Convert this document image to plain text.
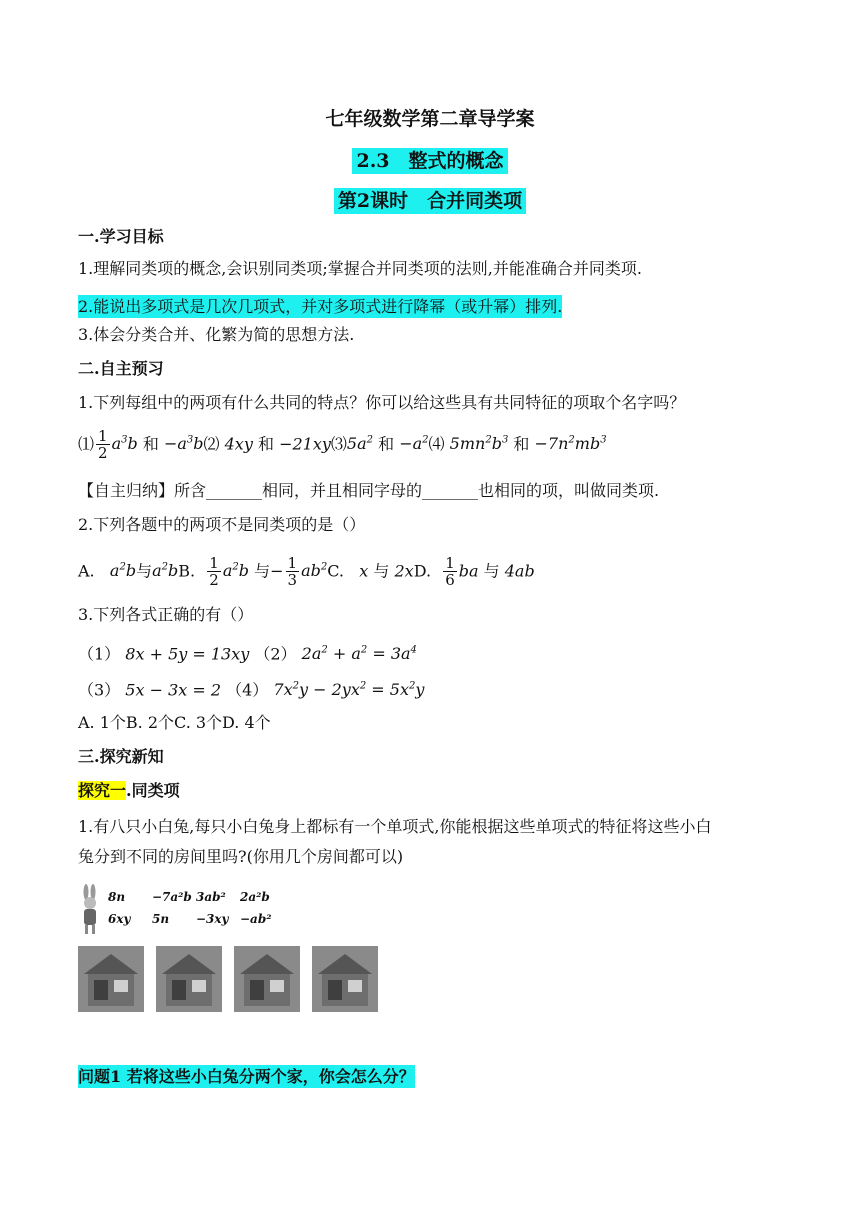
七年级数学第二章导学案
2.3　整式的概念
第2课时　合并同类项
一.学习目标
1.理解同类项的概念,会识别同类项;掌握合并同类项的法则,并能准确合并同类项.
2.能说出多项式是几次几项式，并对多项式进行降幂（或升幂）排列.
3.体会分类合并、化繁为简的思想方法.
二.自主预习
1.下列每组中的两项有什么共同的特点？你可以给这些具有共同特征的项取个名字吗？
⑴ $\frac{1}{2} a^3b$ 和 $-a^3b⑵$ 4xy 和 $-21xy⑶5a^2$ 和 $-a^2⑷$ $5mn^2b^3$ 和 $-7n^2mb^3$
【自主归纳】所含_______相同，并且相同字母的_______也相同的项，叫做同类项.
2.下列各题中的两项不是同类项的是（）
A. $a^2b$与$a^2bB$. $\frac{1}{2} a^2b$ 与− $\frac{1}{3} ab^2C$. x 与 2xD. $\frac{1}{6}$ ba 与 4ab
3.下列各式正确的有（）
（1） 8x + 5y = 13xy （2） $2a^2 + a^2 = 3a^4$
（3） 5x − 3x = 2 （4） $7x^2y - 2yx^2 = 5x^2y$
A. 1个B. 2个C. 3个D. 4个
三.探究新知
探究一.同类项
1.有八只小白兔,每只小白兔身上都标有一个单项式,你能根据这些单项式的特征将这些小白
兔分到不同的房间里吗?(你用几个房间都可以)
8n −7a²b 3ab² 2a²b
6xy 5n −3xy −ab²
问题1 若将这些小白兔分两个家，你会怎么分？
